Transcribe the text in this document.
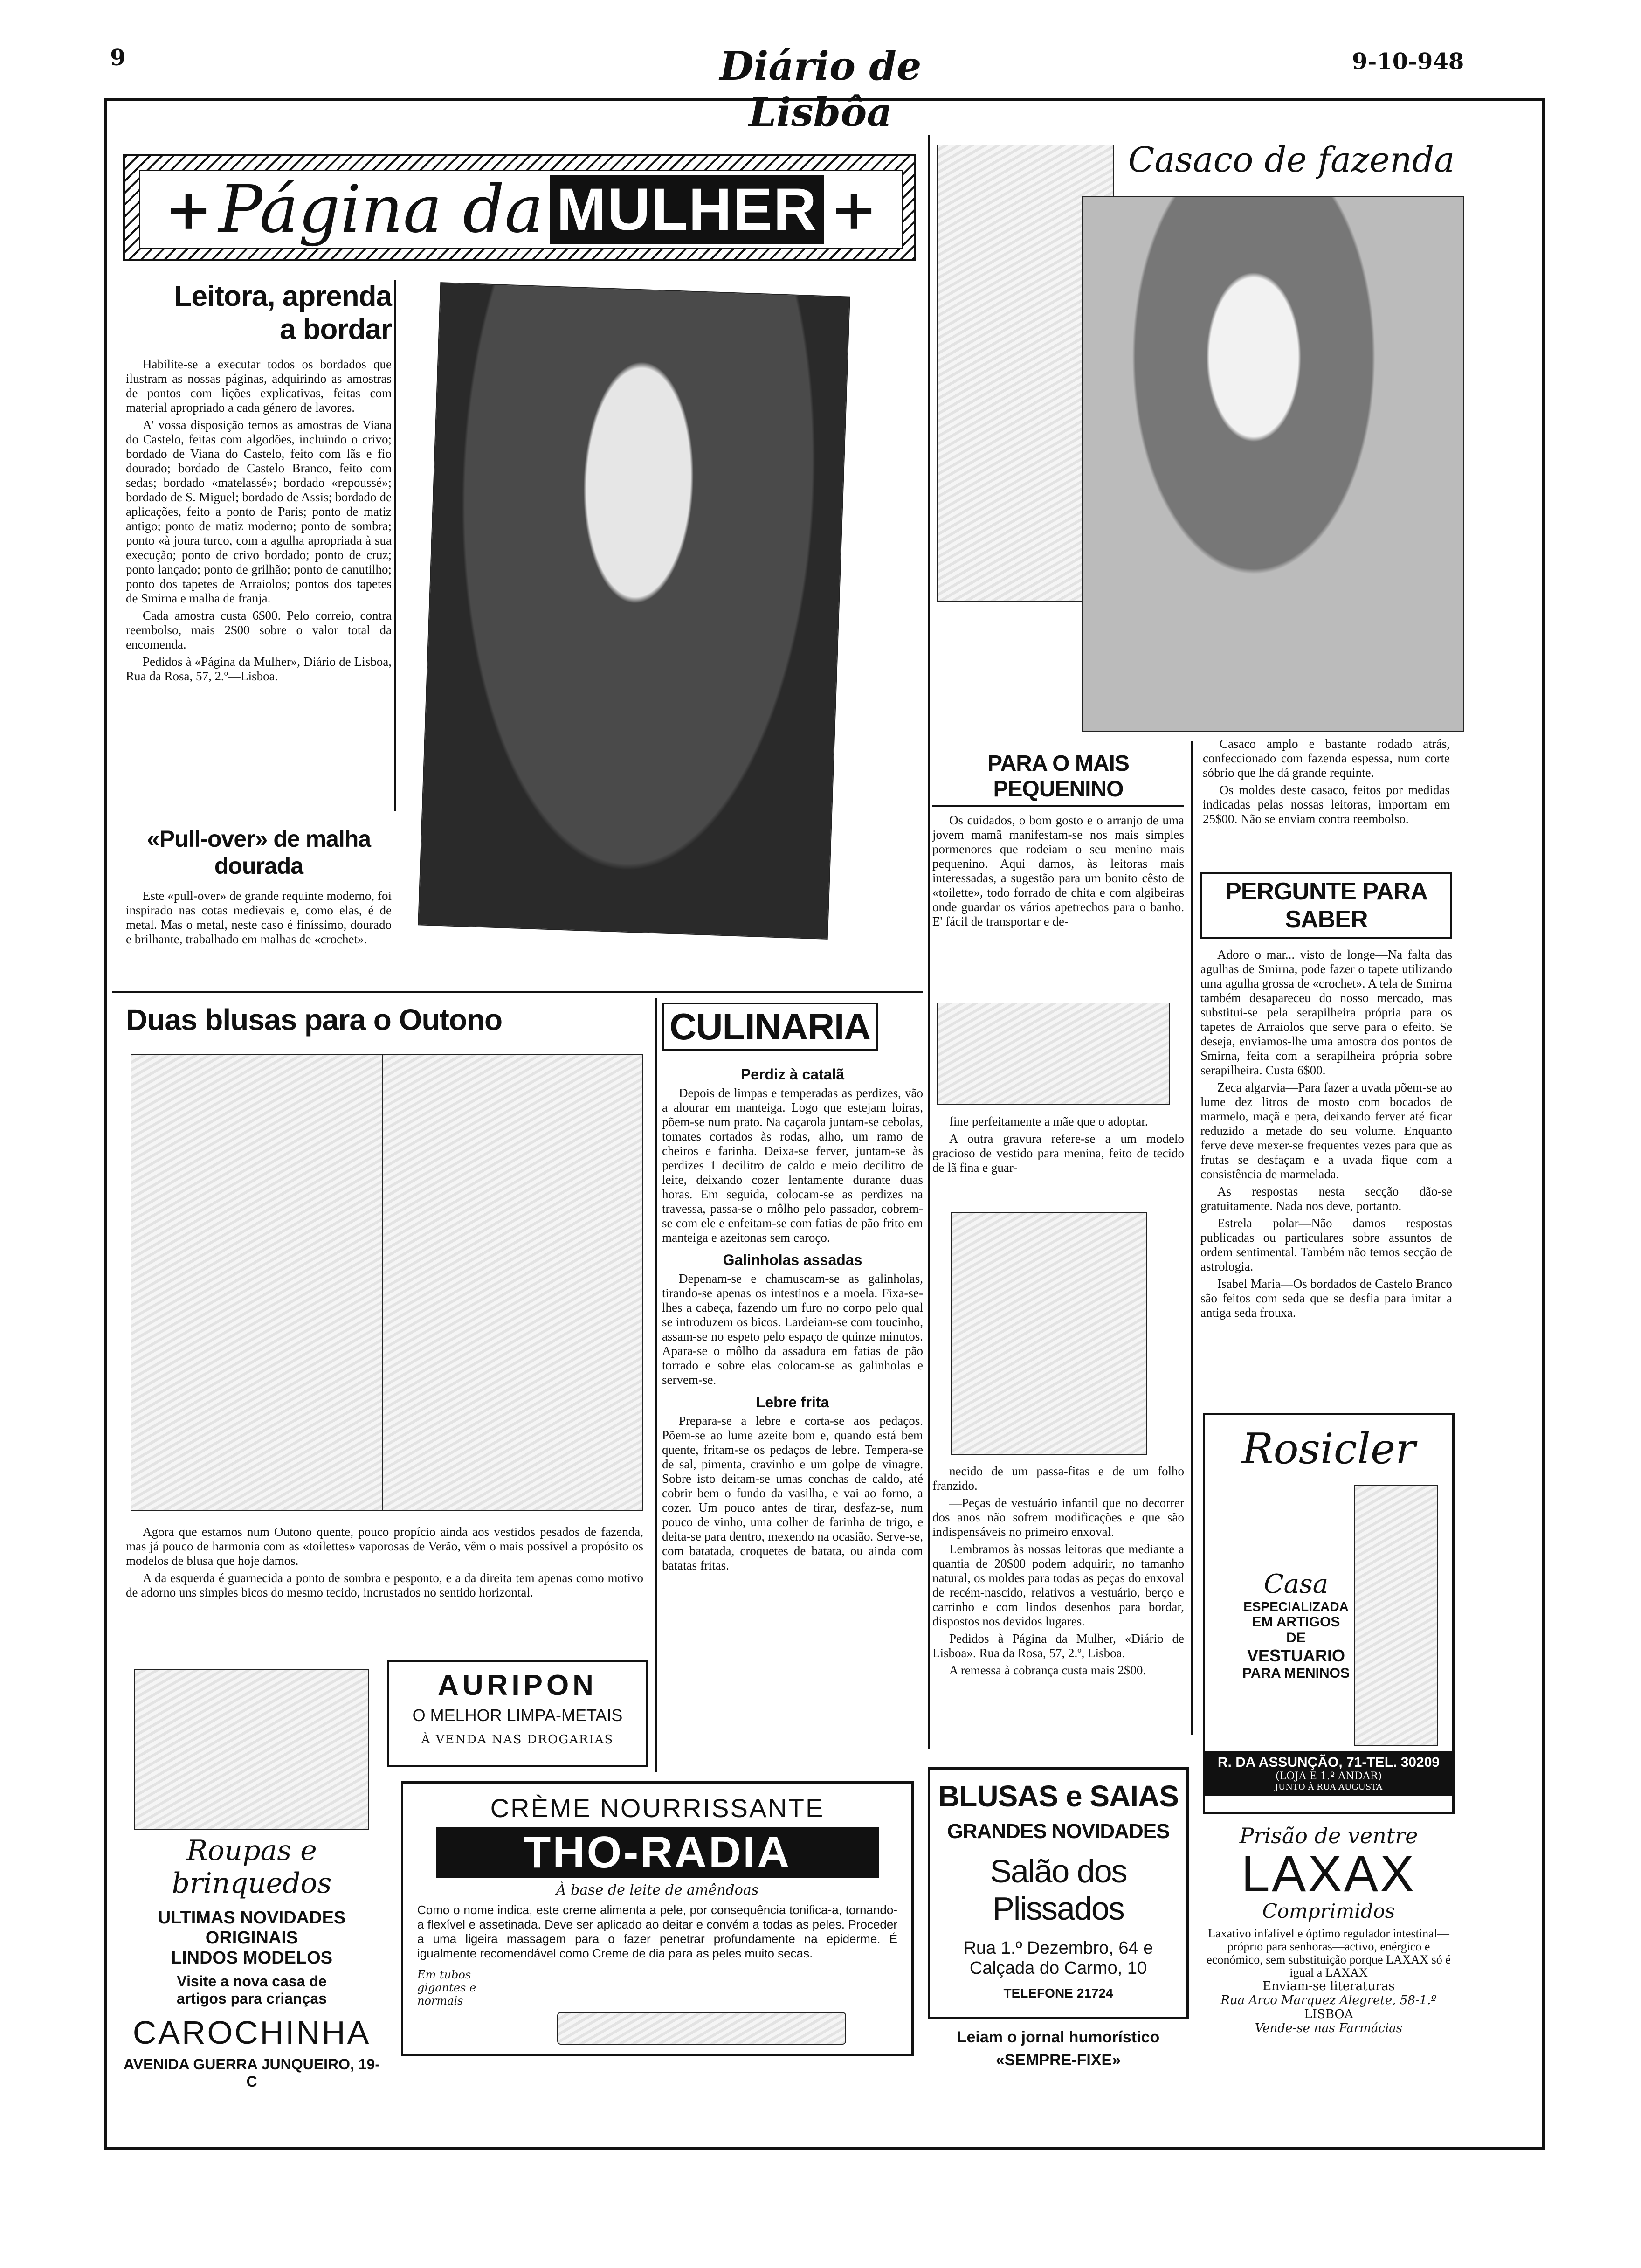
9	Diário de Lisbôa
9-10-948
+ Página da MULHER +
Leitora, aprenda
a bordar

Habilite-se a executar todos os bordados que ilustram as nossas páginas, adquirindo as amostras de pontos com lições explicativas, feitas com material apropriado a cada género de lavores.

A' vossa disposição temos as amostras de Viana do Castelo, feitas com algodões, incluindo o crivo; bordado de Viana do Castelo, feito com lãs e fio dourado; bordado de Castelo Branco, feito com sedas; bordado «matelassé»; bordado «repoussé»; bordado de S. Miguel; bordado de Assis; bordado de aplicações, feito a ponto de Paris; ponto de matiz antigo; ponto de matiz moderno; ponto de sombra; ponto «à joura turco, com a agulha apropriada à sua execução; ponto de crivo bordado; ponto de cruz; ponto lançado; ponto de grilhão; ponto de canutilho; ponto dos tapetes de Arraiolos; pontos dos tapetes de Smirna e malha de franja.

Cada amostra custa 6$00. Pelo correio, contra reembolso, mais 2$00 sobre o valor total da encomenda.

Pedidos à «Página da Mulher», Diário de Lisboa, Rua da Rosa, 57, 2.º—Lisboa.

«Pull-over» de malha
dourada

Este «pull-over» de grande requinte moderno, foi inspirado nas cotas medievais e, como elas, é de metal. Mas o metal, neste caso é finíssimo, dourado e brilhante, trabalhado em malhas de «crochet».

Casaco de fazenda
PARA O MAIS PEQUENINO

Os cuidados, o bom gosto e o arranjo de uma jovem mamã manifestam-se nos mais simples pormenores que rodeiam o seu menino mais pequenino. Aqui damos, às leitoras mais interessadas, a sugestão para um bonito cêsto de «toilette», todo forrado de chita e com algibeiras onde guardar os vários apetrechos para o banho. E' fácil de transportar e de-

fine perfeitamente a mãe que o adoptar.

A outra gravura refere-se a um modelo gracioso de vestido para menina, feito de tecido de lã fina e guar-

necido de um passa-fitas e de um folho franzido.

—Peças de vestuário infantil que no decorrer dos anos não sofrem modificações e que são indispensáveis no primeiro enxoval.

Lembramos às nossas leitoras que mediante a quantia de 20$00 podem adquirir, no tamanho natural, os moldes para todas as peças do enxoval de recém-nascido, relativos a vestuário, berço e carrinho e com lindos desenhos para bordar, dispostos nos devidos lugares.

Pedidos à Página da Mulher, «Diário de Lisboa». Rua da Rosa, 57, 2.º, Lisboa.

A remessa à cobrança custa mais 2$00.

Casaco amplo e bastante rodado atrás, confeccionado com fazenda espessa, num corte sóbrio que lhe dá grande requinte.

Os moldes deste casaco, feitos por medidas indicadas pelas nossas leitoras, importam em 25$00. Não se enviam contra reembolso.

PERGUNTE PARA SABER

Adoro o mar... visto de longe—Na falta das agulhas de Smirna, pode fazer o tapete utilizando uma agulha grossa de «crochet». A tela de Smirna também desapareceu do nosso mercado, mas substitui-se pela serapilheira própria para os tapetes de Arraiolos que serve para o efeito. Se deseja, enviamos-lhe uma amostra dos pontos de Smirna, feita com a serapilheira própria sobre serapilheira. Custa 6$00.

Zeca algarvia—Para fazer a uvada põem-se ao lume dez litros de mosto com bocados de marmelo, maçã e pera, deixando ferver até ficar reduzido a metade do seu volume. Enquanto ferve deve mexer-se frequentes vezes para que as frutas se desfaçam e a uvada fique com a consistência de marmelada.

As respostas nesta secção dão-se gratuitamente. Nada nos deve, portanto.

Estrela polar—Não damos respostas publicadas ou particulares sobre assuntos de ordem sentimental. Também não temos secção de astrologia.

Isabel Maria—Os bordados de Castelo Branco são feitos com seda que se desfia para imitar a antiga seda frouxa.

Duas blusas para o Outono

Agora que estamos num Outono quente, pouco propício ainda aos vestidos pesados de fazenda, mas já pouco de harmonia com as «toilettes» vaporosas de Verão, vêm o mais possível a propósito os modelos de blusa que hoje damos.

A da esquerda é guarnecida a ponto de sombra e pesponto, e a da direita tem apenas como motivo de adorno uns simples bicos do mesmo tecido, incrustados no sentido horizontal.

CULINARIA
Perdiz à catalã

Depois de limpas e temperadas as perdizes, vão a alourar em manteiga. Logo que estejam loiras, põem-se num prato. Na caçarola juntam-se cebolas, tomates cortados às rodas, alho, um ramo de cheiros e farinha. Deixa-se ferver, juntam-se às perdizes 1 decilitro de caldo e meio decilitro de leite, deixando cozer lentamente durante duas horas. Em seguida, colocam-se as perdizes na travessa, passa-se o môlho pelo passador, cobrem-se com ele e enfeitam-se com fatias de pão frito em manteiga e azeitonas sem caroço.

Galinholas assadas

Depenam-se e chamuscam-se as galinholas, tirando-se apenas os intestinos e a moela. Fixa-se-lhes a cabeça, fazendo um furo no corpo pelo qual se introduzem os bicos. Lardeiam-se com toucinho, assam-se no espeto pelo espaço de quinze minutos. Apara-se o môlho da assadura em fatias de pão torrado e sobre elas colocam-se as galinholas e servem-se.

Lebre frita

Prepara-se a lebre e corta-se aos pedaços. Põem-se ao lume azeite bom e, quando está bem quente, fritam-se os pedaços de lebre. Tempera-se de sal, pimenta, cravinho e um golpe de vinagre. Sobre isto deitam-se umas conchas de caldo, até cobrir bem o fundo da vasilha, e vai ao forno, a cozer. Um pouco antes de tirar, desfaz-se, num pouco de vinho, uma colher de farinha de trigo, e deita-se para dentro, mexendo na ocasião. Serve-se, com batatada, croquetes de batata, ou ainda com batatas fritas.

AURIPON
O MELHOR LIMPA-METAIS
À VENDA NAS DROGARIAS
CRÈME NOURRISSANTE
THO-RADIA
À base de leite de amêndoas
Como o nome indica, este creme alimenta a pele, por consequência tonifica-a, tornando-a flexível e assetinada. Deve ser aplicado ao deitar e convém a todas as peles. Proceder a uma ligeira massagem para o fazer penetrar profundamente na epiderme. É igualmente recomendável como Creme de dia para as peles muito secas.
Em tubos gigantes e normais
Roupas e brinquedos
ULTIMAS NOVIDADES
ORIGINAIS
LINDOS MODELOS
Visite a nova casa de
artigos para crianças
CAROCHINHA
AVENIDA GUERRA JUNQUEIRO, 19-C
BLUSAS e SAIAS
GRANDES NOVIDADES
Salão dos Plissados
Rua 1.º Dezembro, 64 e
Calçada do Carmo, 10
TELEFONE 21724
Leiam o jornal humorístico
«SEMPRE-FIXE»
Rosicler
Casa
ESPECIALIZADA
EM ARTIGOS
DE
VESTUARIO
PARA MENINOS
R. DA ASSUNÇÃO, 71-TEL. 30209
(LOJA E 1.º ANDAR)
JUNTO À RUA AUGUSTA
Prisão de ventre
LAXAX
Comprimidos
Laxativo infalível e óptimo regulador intestinal—próprio para senhoras—activo, enérgico e económico, sem substituição porque LAXAX só é igual a LAXAX
Enviam-se literaturas
Rua Arco Marquez Alegrete, 58-1.º
LISBOA
Vende-se nas Farmácias
